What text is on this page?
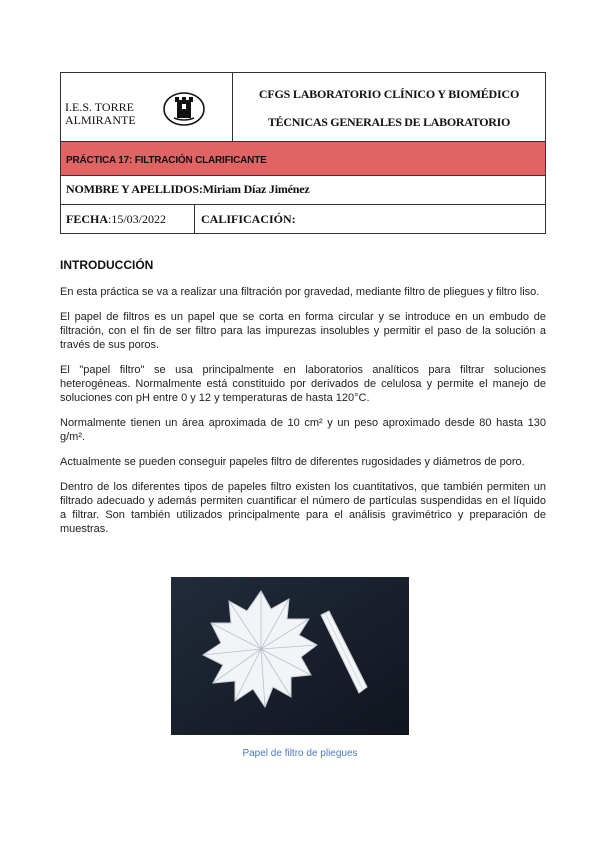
I.E.S. TORRE
ALMIRANTE
CFGS LABORATORIO CLÍNICO Y BIOMÉDICO
TÉCNICAS GENERALES DE LABORATORIO
PRÁCTICA 17: FILTRACIÓN CLARIFICANTE
NOMBRE Y APELLIDOS:Miriam Díaz Jiménez
FECHA:15/03/2022	CALIFICACIÓN:
INTRODUCCIÓN

En esta práctica se va a realizar una filtración por gravedad, mediante filtro de pliegues y filtro liso.

El papel de filtros es un papel que se corta en forma circular y se introduce en un embudo de filtración, con el fin de ser filtro para las impurezas insolubles y permitir el paso de la solución a través de sus poros.

El "papel filtro" se usa principalmente en laboratorios analíticos para filtrar soluciones heterogéneas. Normalmente está constituido por derivados de celulosa y permite el manejo de soluciones con pH entre 0 y 12 y temperaturas de hasta 120°C.

Normalmente tienen un área aproximada de 10 cm² y un peso aproximado desde 80 hasta 130 g/m².

Actualmente se pueden conseguir papeles filtro de diferentes rugosidades y diámetros de poro.

Dentro de los diferentes tipos de papeles filtro existen los cuantitativos, que también permiten un filtrado adecuado y además permiten cuantificar el número de partículas suspendidas en el líquido a filtrar. Son también utilizados principalmente para el análisis gravimétrico y preparación de muestras.

Papel de filtro de pliegues
